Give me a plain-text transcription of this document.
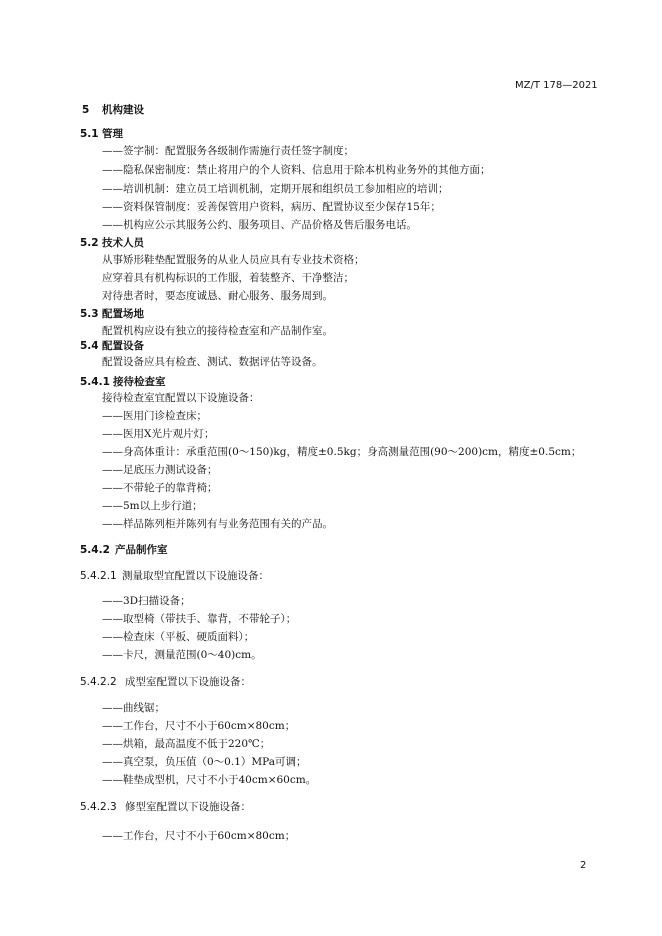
MZ/T 178—2021
5 机构建设
5.1 管理
——签字制：配置服务各级制作需施行责任签字制度；
——隐私保密制度：禁止将用户的个人资料、信息用于除本机构业务外的其他方面；
——培训机制：建立员工培训机制，定期开展和组织员工参加相应的培训；
——资料保管制度：妥善保管用户资料，病历、配置协议至少保存15年；
——机构应公示其服务公约、服务项目、产品价格及售后服务电话。
5.2 技术人员
从事矫形鞋垫配置服务的从业人员应具有专业技术资格；
应穿着具有机构标识的工作服，着装整齐、干净整洁；
对待患者时，要态度诚恳、耐心服务、服务周到。
5.3 配置场地
配置机构应设有独立的接待检查室和产品制作室。
5.4 配置设备
配置设备应具有检查、测试、数据评估等设备。
5.4.1 接待检查室
接待检查室宜配置以下设施设备：
——医用门诊检查床；
——医用X光片观片灯；
——身高体重计：承重范围(0～150)kg，精度±0.5kg；身高测量范围(90～200)cm，精度±0.5cm；
——足底压力测试设备；
——不带轮子的靠背椅；
——5m以上步行道；
——样品陈列柜并陈列有与业务范围有关的产品。
5.4.2 产品制作室
5.4.2.1 测量取型宜配置以下设施设备：
——3D扫描设备；
——取型椅（带扶手、靠背，不带轮子）；
——检查床（平板、硬质面料）；
——卡尺，测量范围(0～40)cm。
5.4.2.2 成型室配置以下设施设备：
——曲线锯；
——工作台，尺寸不小于60cm×80cm；
——烘箱，最高温度不低于220℃；
——真空泵，负压值（0～0.1）MPa可调；
——鞋垫成型机，尺寸不小于40cm×60cm。
5.4.2.3 修型室配置以下设施设备：
——工作台，尺寸不小于60cm×80cm；
2
